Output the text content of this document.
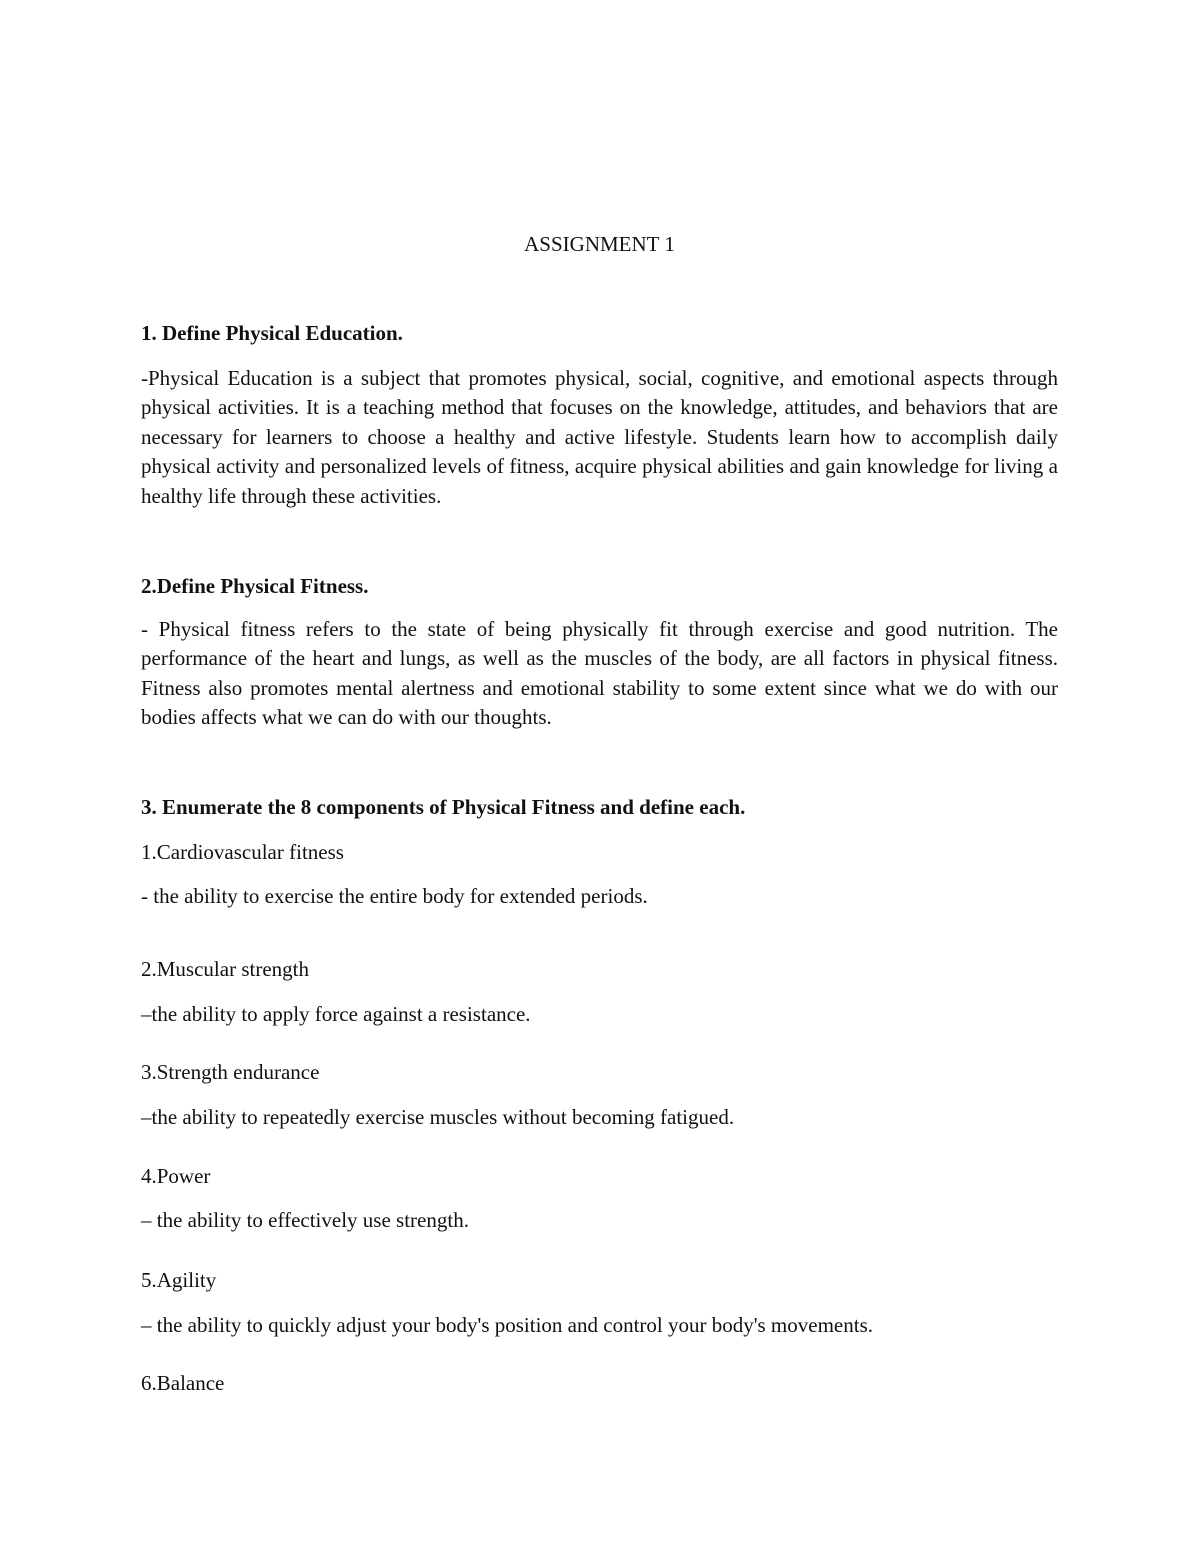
ASSIGNMENT 1
1. Define Physical Education.

-Physical Education is a subject that promotes physical, social, cognitive, and emotional aspects through physical activities. It is a teaching method that focuses on the knowledge, attitudes, and behaviors that are necessary for learners to choose a healthy and active lifestyle. Students learn how to accomplish daily physical activity and personalized levels of fitness, acquire physical abilities and gain knowledge for living a healthy life through these activities.

2.Define Physical Fitness.

- Physical fitness refers to the state of being physically fit through exercise and good nutrition. The performance of the heart and lungs, as well as the muscles of the body, are all factors in physical fitness. Fitness also promotes mental alertness and emotional stability to some extent since what we do with our bodies affects what we can do with our thoughts.

3. Enumerate the 8 components of Physical Fitness and define each.
1.Cardiovascular fitness
- the ability to exercise the entire body for extended periods.
2.Muscular strength
–the ability to apply force against a resistance.
3.Strength endurance
–the ability to repeatedly exercise muscles without becoming fatigued.
4.Power
– the ability to effectively use strength.
5.Agility
– the ability to quickly adjust your body's position and control your body's movements.
6.Balance
